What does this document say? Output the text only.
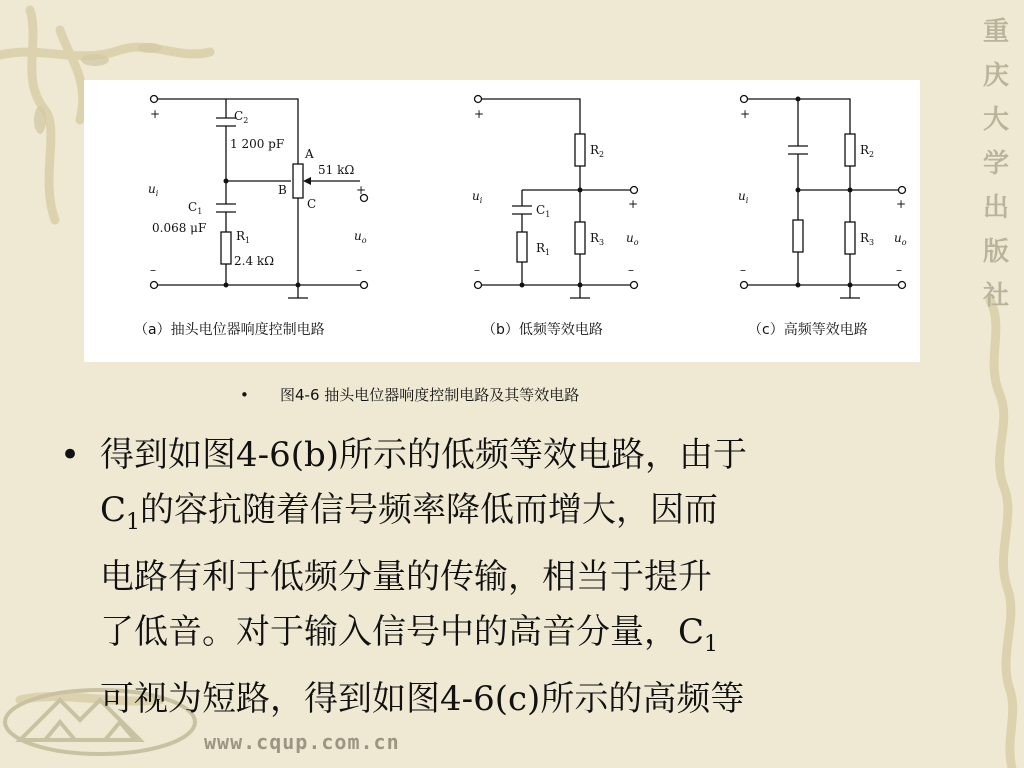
重
庆
大
学
出
版
社
www.cqup.com.cn
+
–
+
–
$u_i$
$u_o$
$C_2$
1 200 pF
$C_1$
0.068 μF
$R_1$
2.4 kΩ
51 kΩ
A
B
C
（a）抽头电位器响度控制电路
+
–
+
–
$u_i$
$u_o$
$R_2$
$R_3$
$R_1$
$C_1$
（b）低频等效电路
+
–
+
–
$u_i$
$u_o$
$R_2$
$R_3$
（c）高频等效电路
• 图4-6 抽头电位器响度控制电路及其等效电路
• 得到如图4-6(b)所示的低频等效电路，由于
$C_1$的容抗随着信号频率降低而增大，因而
电路有利于低频分量的传输，相当于提升
了低音。对于输入信号中的高音分量，$C_1$
可视为短路，得到如图4-6(c)所示的高频等
